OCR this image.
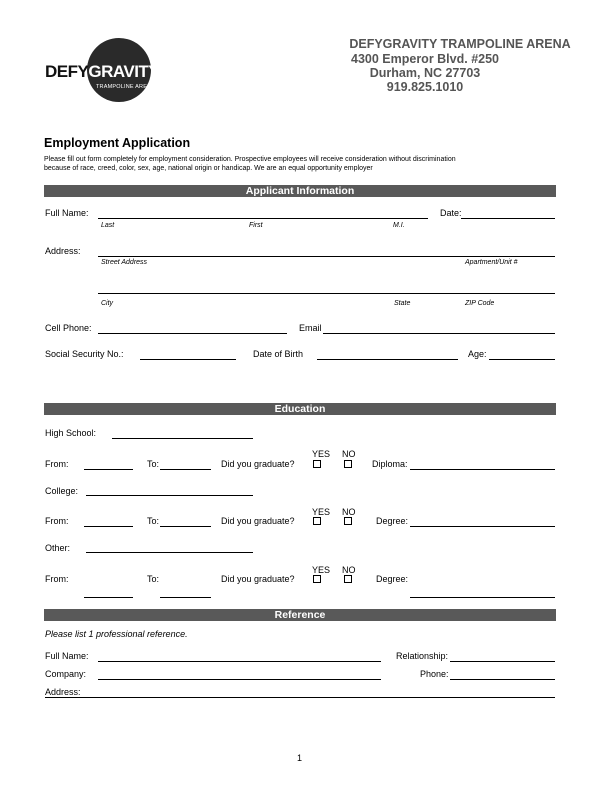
DEFYGRAVITY
TRAMPOLINE ARENA
DEFYGRAVITY TRAMPOLINE ARENA
4300 Emperor Blvd. #250
Durham, NC 27703
919.825.1010
Employment Application
Please fill out form completely for employment consideration. Prospective employees will receive consideration without discrimination
because of race, creed, color, sex, age, national origin or handicap. We are an equal opportunity employer
Applicant Information
Full Name:	Date:
Last	First	M.I.
Address:
Street Address	Apartment/Unit #
City	State	ZIP Code
Cell Phone:	Email
Social Security No.:	Date of Birth	Age:
Education
High School:
YES NO
From:	To:	Did you graduate?	Diploma:
College:
YES NO
From:	To:	Did you graduate?	Degree:
Other:
YES NO
From:	To:	Did you graduate?	Degree:
Reference
Please list 1 professional reference.
Full Name:	Relationship:
Company:	Phone:
Address:
1
